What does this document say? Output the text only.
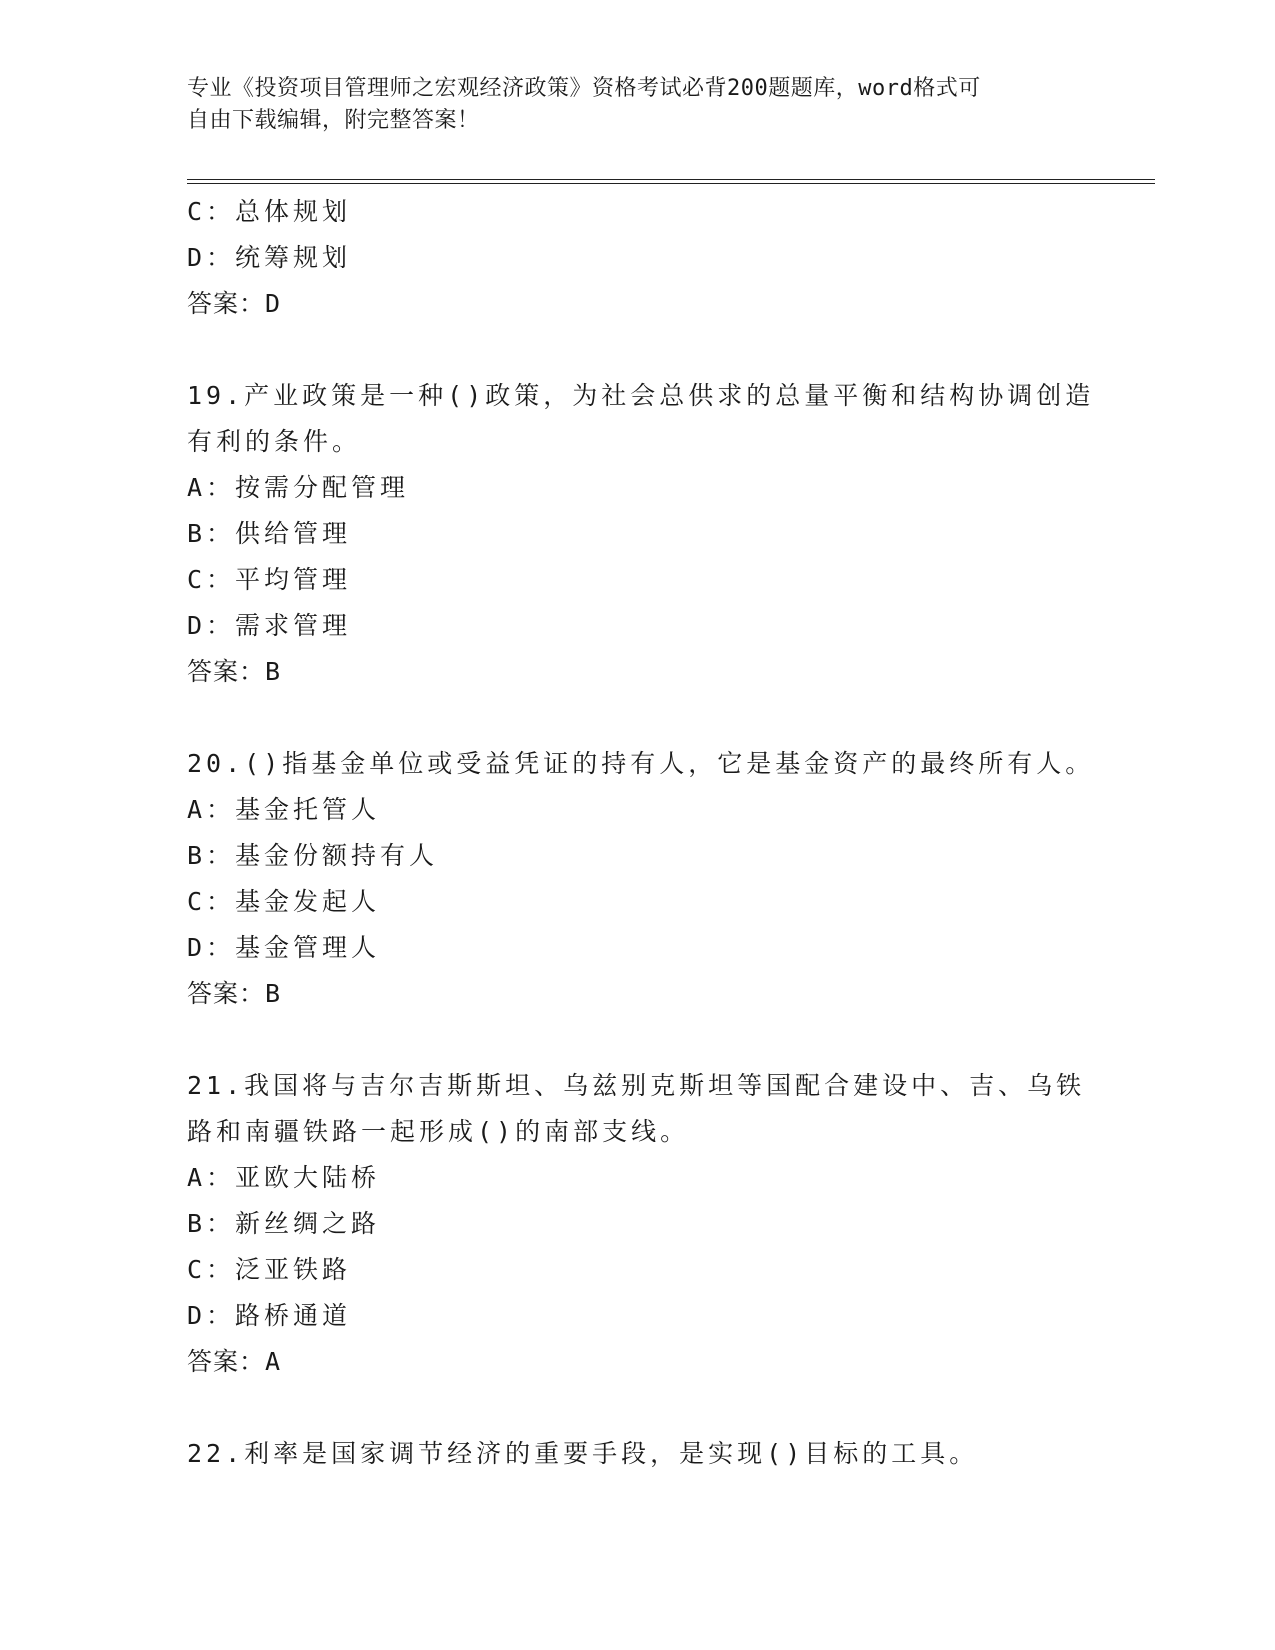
专业《投资项目管理师之宏观经济政策》资格考试必背200题题库，word格式可
自由下载编辑，附完整答案！
C：总体规划
D：统筹规划
答案：D
19.产业政策是一种()政策，为社会总供求的总量平衡和结构协调创造
有利的条件。
A：按需分配管理
B：供给管理
C：平均管理
D：需求管理
答案：B
20.()指基金单位或受益凭证的持有人，它是基金资产的最终所有人。
A：基金托管人
B：基金份额持有人
C：基金发起人
D：基金管理人
答案：B
21.我国将与吉尔吉斯斯坦、乌兹别克斯坦等国配合建设中、吉、乌铁
路和南疆铁路一起形成()的南部支线。
A：亚欧大陆桥
B：新丝绸之路
C：泛亚铁路
D：路桥通道
答案：A
22.利率是国家调节经济的重要手段，是实现()目标的工具。
